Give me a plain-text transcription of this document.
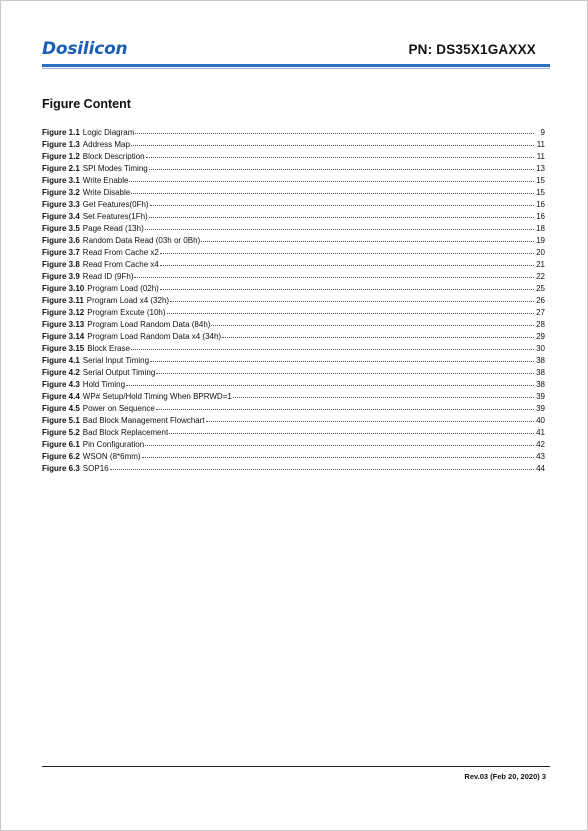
Dosilicon	PN: DS35X1GAXXX
Figure Content
Figure 1.1 Logic Diagram	9
Figure 1.3 Address Map	11
Figure 1.2 Block Description	11
Figure 2.1 SPI Modes Timing	13
Figure 3.1 Write Enable	15
Figure 3.2 Write Disable	15
Figure 3.3 Get Features(0Fh)	16
Figure 3.4 Set Features(1Fh)	16
Figure 3.5 Page Read (13h)	18
Figure 3.6 Random Data Read (03h or 0Bh)	19
Figure 3.7 Read From Cache x2	20
Figure 3.8 Read From Cache x4	21
Figure 3.9 Read ID (9Fh)	22
Figure 3.10 Program Load (02h)	25
Figure 3.11 Program Load x4 (32h)	26
Figure 3.12 Program Excute (10h)	27
Figure 3.13 Program Load Random Data (84h)	28
Figure 3.14 Program Load Random Data x4 (34h)	29
Figure 3.15 Block Erase	30
Figure 4.1 Serial Input Timing	38
Figure 4.2 Serial Output Timing	38
Figure 4.3 Hold Timing	38
Figure 4.4 WP# Setup/Hold Timing When BPRWD=1	39
Figure 4.5 Power on Sequence	39
Figure 5.1 Bad Block Management Flowchart	40
Figure 5.2 Bad Block Replacement	41
Figure 6.1 Pin Configuration	42
Figure 6.2 WSON (8*6mm)	43
Figure 6.3 SOP16	44
Rev.03 (Feb 20, 2020) 3
